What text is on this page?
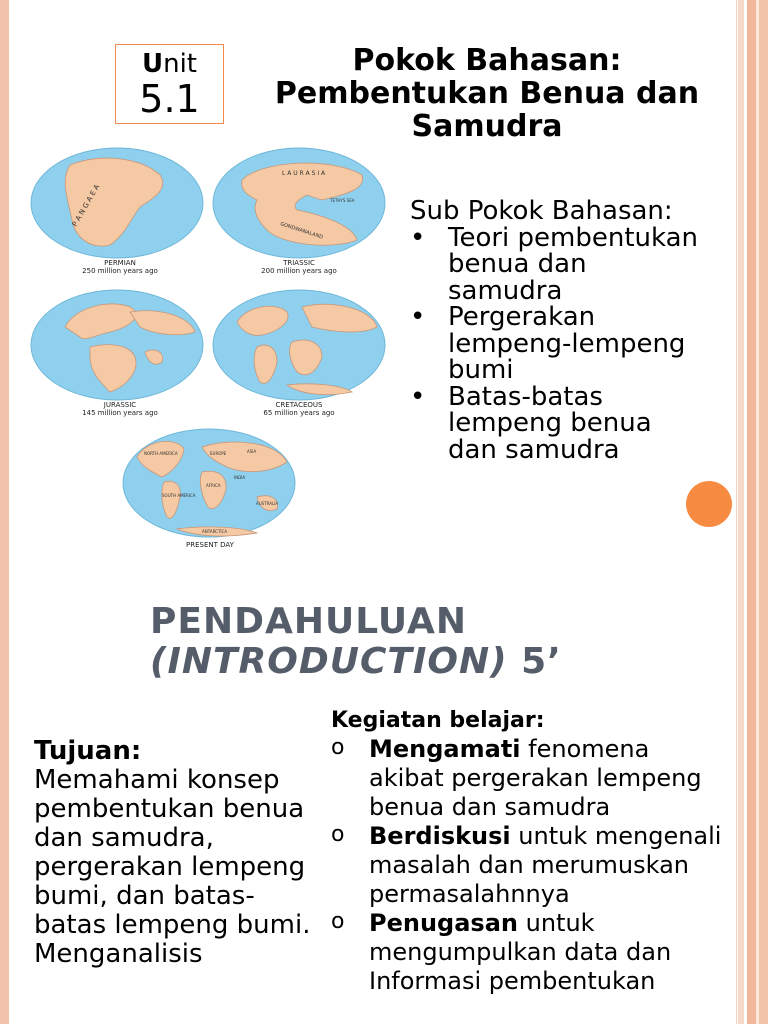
Unit
5.1
Pokok Bahasan:
Pembentukan Benua dan
Samudra
P A N G A E A
PERMIAN
250 million years ago
L A U R A S I A
TETHYS SEA
GONDWANALAND
TRIASSIC
200 million years ago
JURASSIC
145 million years ago
CRETACEOUS
65 million years ago
NORTH AMERICA	ASIA
EUROPE
AFRICA
SOUTH AMERICA
INDIA
AUSTRALIA
ANTARCTICA
PRESENT DAY
Sub Pokok Bahasan:
• Teori pembentukan benua dan samudra
• Pergerakan lempeng-lempeng bumi
• Batas-batas lempeng benua dan samudra
PENDAHULUAN
(INTRODUCTION) 5’
Tujuan:
Memahami konsep pembentukan benua dan samudra, pergerakan lempeng bumi, dan batas-batas lempeng bumi. Menganalisis
Kegiatan belajar:
o Mengamati fenomena akibat pergerakan lempeng benua dan samudra
o Berdiskusi untuk mengenali masalah dan merumuskan permasalahnnya
o Penugasan untuk mengumpulkan data dan Informasi pembentukan
